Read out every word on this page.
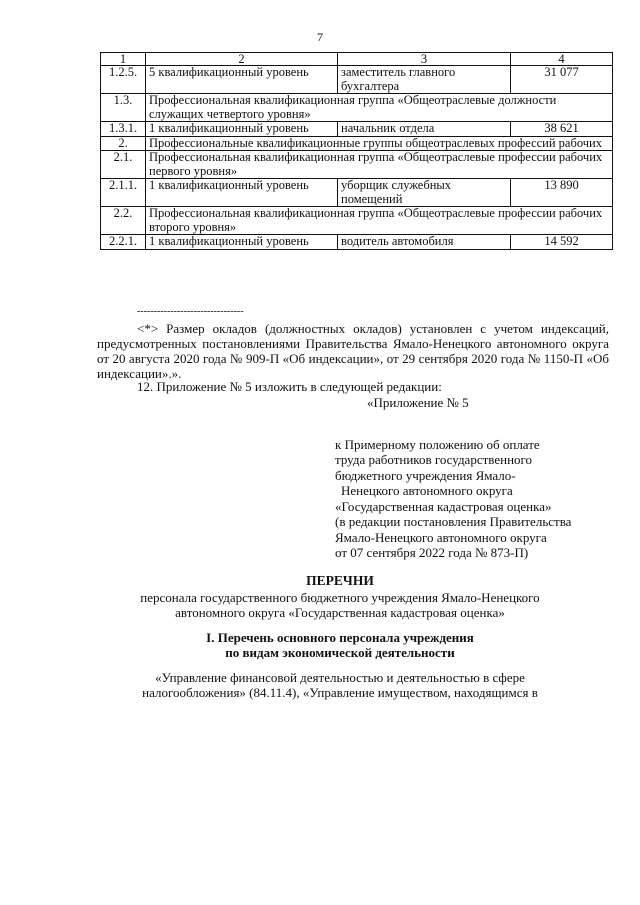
7
1	2	3	4
1.2.5.	5 квалификационный уровень	заместитель главного бухгалтера	31 077
1.3.	Профессиональная квалификационная группа «Общеотраслевые должности служащих четвертого уровня»		
1.3.1.	1 квалификационный уровень	начальник отдела	38 621
2.	Профессиональные квалификационные группы общеотраслевых профессий рабочих		
2.1.	Профессиональная квалификационная группа «Общеотраслевые профессии рабочих первого уровня»		
2.1.1.	1 квалификационный уровень	уборщик служебных помещений	13 890
2.2.	Профессиональная квалификационная группа «Общеотраслевые профессии рабочих второго уровня»		
2.2.1.	1 квалификационный уровень	водитель автомобиля	14 592
--------------------------------
<*> Размер окладов (должностных окладов) установлен с учетом индексаций, предусмотренных постановлениями Правительства Ямало-Ненецкого автономного округа от 20 августа 2020 года № 909-П «Об индексации», от 29 сентября 2020 года № 1150-П «Об индексации».».
12. Приложение № 5 изложить в следующей редакции:
«Приложение № 5
к Примерному положению об оплате
труда работников государственного
бюджетного учреждения Ямало-
Ненецкого автономного округа
«Государственная кадастровая оценка»
(в редакции постановления Правительства
Ямало-Ненецкого автономного округа
от 07 сентября 2022 года № 873-П)
ПЕРЕЧНИ
персонала государственного бюджетного учреждения Ямало-Ненецкого
автономного округа «Государственная кадастровая оценка»
I. Перечень основного персонала учреждения
по видам экономической деятельности
«Управление финансовой деятельностью и деятельностью в сфере
налогообложения» (84.11.4), «Управление имуществом, находящимся в
